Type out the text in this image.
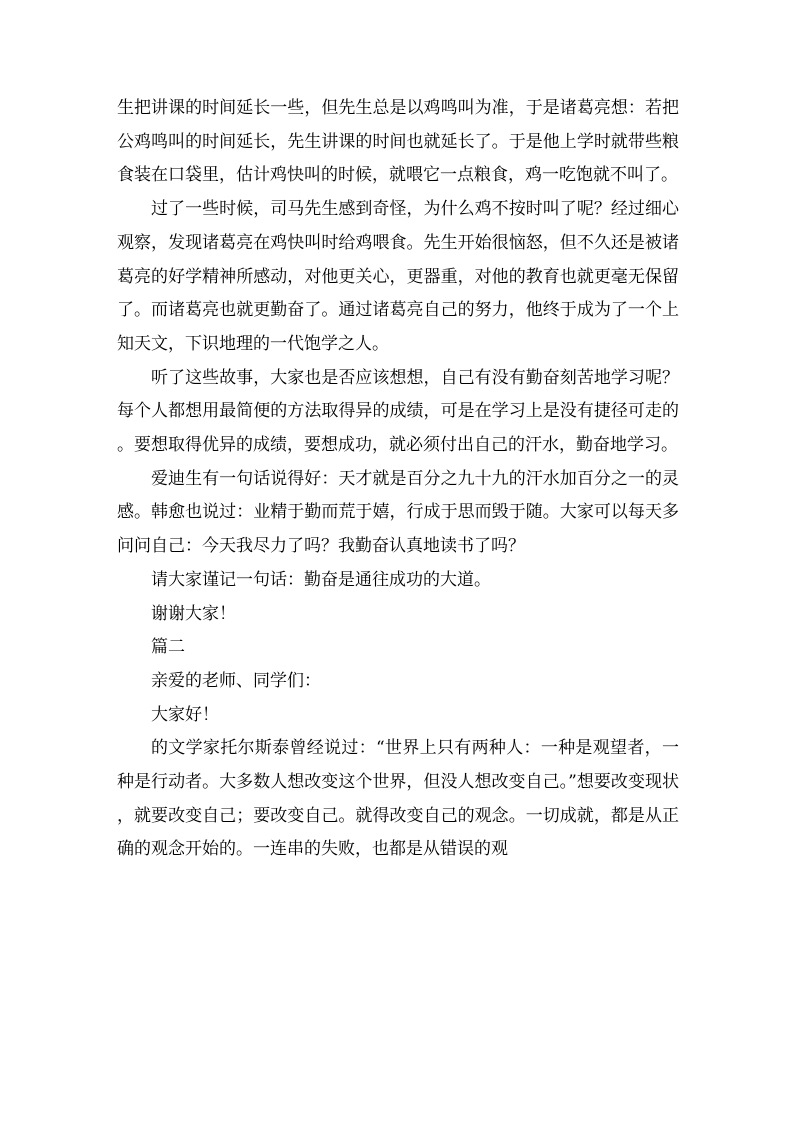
生把讲课的时间延长一些，但先生总是以鸡鸣叫为准，于是诸葛亮想：若把公鸡鸣叫的时间延长，先生讲课的时间也就延长了。于是他上学时就带些粮食装在口袋里，估计鸡快叫的时候，就喂它一点粮食，鸡一吃饱就不叫了。

过了一些时候，司马先生感到奇怪，为什么鸡不按时叫了呢？经过细心观察，发现诸葛亮在鸡快叫时给鸡喂食。先生开始很恼怒，但不久还是被诸葛亮的好学精神所感动，对他更关心，更器重，对他的教育也就更毫无保留了。而诸葛亮也就更勤奋了。通过诸葛亮自己的努力，他终于成为了一个上知天文，下识地理的一代饱学之人。

听了这些故事，大家也是否应该想想，自己有没有勤奋刻苦地学习呢？每个人都想用最简便的方法取得异的成绩，可是在学习上是没有捷径可走的。要想取得优异的成绩，要想成功，就必须付出自己的汗水，勤奋地学习。

爱迪生有一句话说得好：天才就是百分之九十九的汗水加百分之一的灵感。韩愈也说过：业精于勤而荒于嬉，行成于思而毁于随。大家可以每天多问问自己：今天我尽力了吗？我勤奋认真地读书了吗？

请大家谨记一句话：勤奋是通往成功的大道。

谢谢大家！

篇二

亲爱的老师、同学们：

大家好！

的文学家托尔斯泰曾经说过：“世界上只有两种人：一种是观望者，一种是行动者。大多数人想改变这个世界，但没人想改变自己。”想要改变现状，就要改变自己；要改变自己。就得改变自己的观念。一切成就，都是从正确的观念开始的。一连串的失败，也都是从错误的观
